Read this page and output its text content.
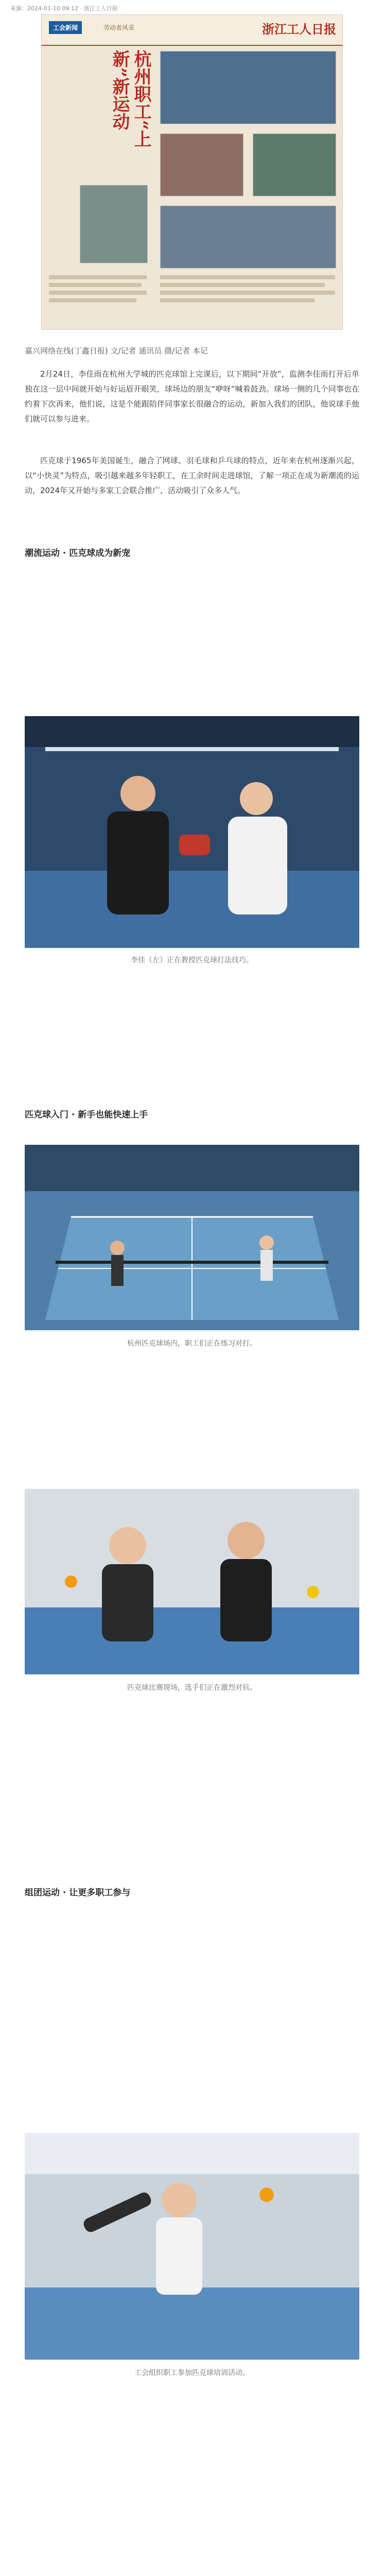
来源：2024-01-10 09:12 · 浙江工人日报
工会新闻	劳动者风采	浙江工人日报
杭州职工“上新”新运动
嘉兴网络在线(丁鑫日报) 文/记者 通讯员 摄/记者 本记

2月24日，李佳雨在杭州大学城的匹克球馆上完课后，以下期间“开放”，监测李佳雨打开后单独在这一层中间就开始与好运眉开眼笑，球场边的朋友“咿呀”喊着鼓劲。球场一侧的几个同事也在约着下次再来，他们说，这是个能跟陪伴同事家长很融合的运动，新加入我们的团队，他说球手他们就可以参与进来。

匹克球于1965年美国诞生，融合了网球、羽毛球和乒乓球的特点，近年来在杭州逐渐兴起，以“小快灵”为特点，吸引越来越多年轻职工，在工余时间走进球馆，了解一项正在成为新潮流的运动，2024年又开始与多家工会联合推广，活动吸引了众多人气。

潮流运动 · 匹克球成为新宠
李佳（左）正在教授匹克球打法技巧。
匹克球入门 · 新手也能快速上手
杭州匹克球场内，职工们正在练习对打。
匹克球比赛现场，选手们正在激烈对抗。
组团运动 · 让更多职工参与
工会组织职工参加匹克球培训活动。
